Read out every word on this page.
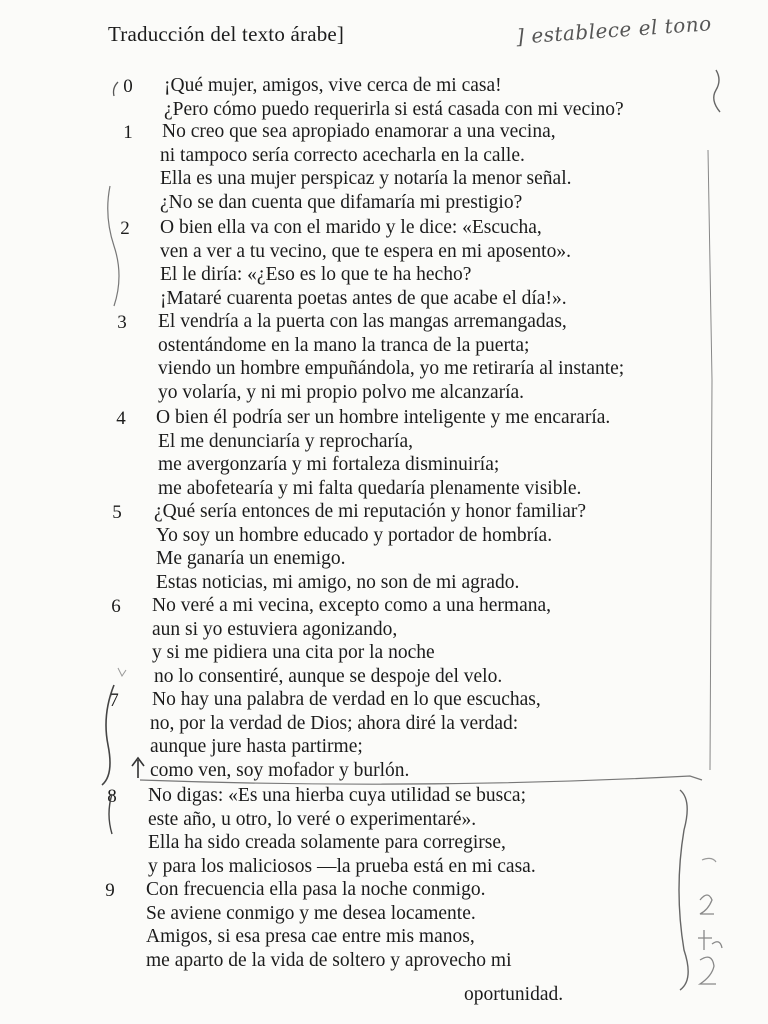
Traducción del texto árabe]	] establece el tono
0 ¡Qué mujer, amigos, vive cerca de mi casa!
¿Pero cómo puedo requerirla si está casada con mi vecino?
1 No creo que sea apropiado enamorar a una vecina,
ni tampoco sería correcto acecharla en la calle.
Ella es una mujer perspicaz y notaría la menor señal.
¿No se dan cuenta que difamaría mi prestigio?
2 O bien ella va con el marido y le dice: «Escucha,
ven a ver a tu vecino, que te espera en mi aposento».
El le diría: «¿Eso es lo que te ha hecho?
¡Mataré cuarenta poetas antes de que acabe el día!».
3 El vendría a la puerta con las mangas arremangadas,
ostentándome en la mano la tranca de la puerta;
viendo un hombre empuñándola, yo me retiraría al instante;
yo volaría, y ni mi propio polvo me alcanzaría.
4 O bien él podría ser un hombre inteligente y me encararía.
El me denunciaría y reprocharía,
me avergonzaría y mi fortaleza disminuiría;
me abofetearía y mi falta quedaría plenamente visible.
5 ¿Qué sería entonces de mi reputación y honor familiar?
Yo soy un hombre educado y portador de hombría.
Me ganaría un enemigo.
Estas noticias, mi amigo, no son de mi agrado.
6 No veré a mi vecina, excepto como a una hermana,
aun si yo estuviera agonizando,
y si me pidiera una cita por la noche
no lo consentiré, aunque se despoje del velo.
7 No hay una palabra de verdad en lo que escuchas,
no, por la verdad de Dios; ahora diré la verdad:
aunque jure hasta partirme;
como ven, soy mofador y burlón.
8 No digas: «Es una hierba cuya utilidad se busca;
este año, u otro, lo veré o experimentaré».
Ella ha sido creada solamente para corregirse,
y para los maliciosos —la prueba está en mi casa.
9 Con frecuencia ella pasa la noche conmigo.
Se aviene conmigo y me desea locamente.
Amigos, si esa presa cae entre mis manos,
me aparto de la vida de soltero y aprovecho mi
oportunidad.
